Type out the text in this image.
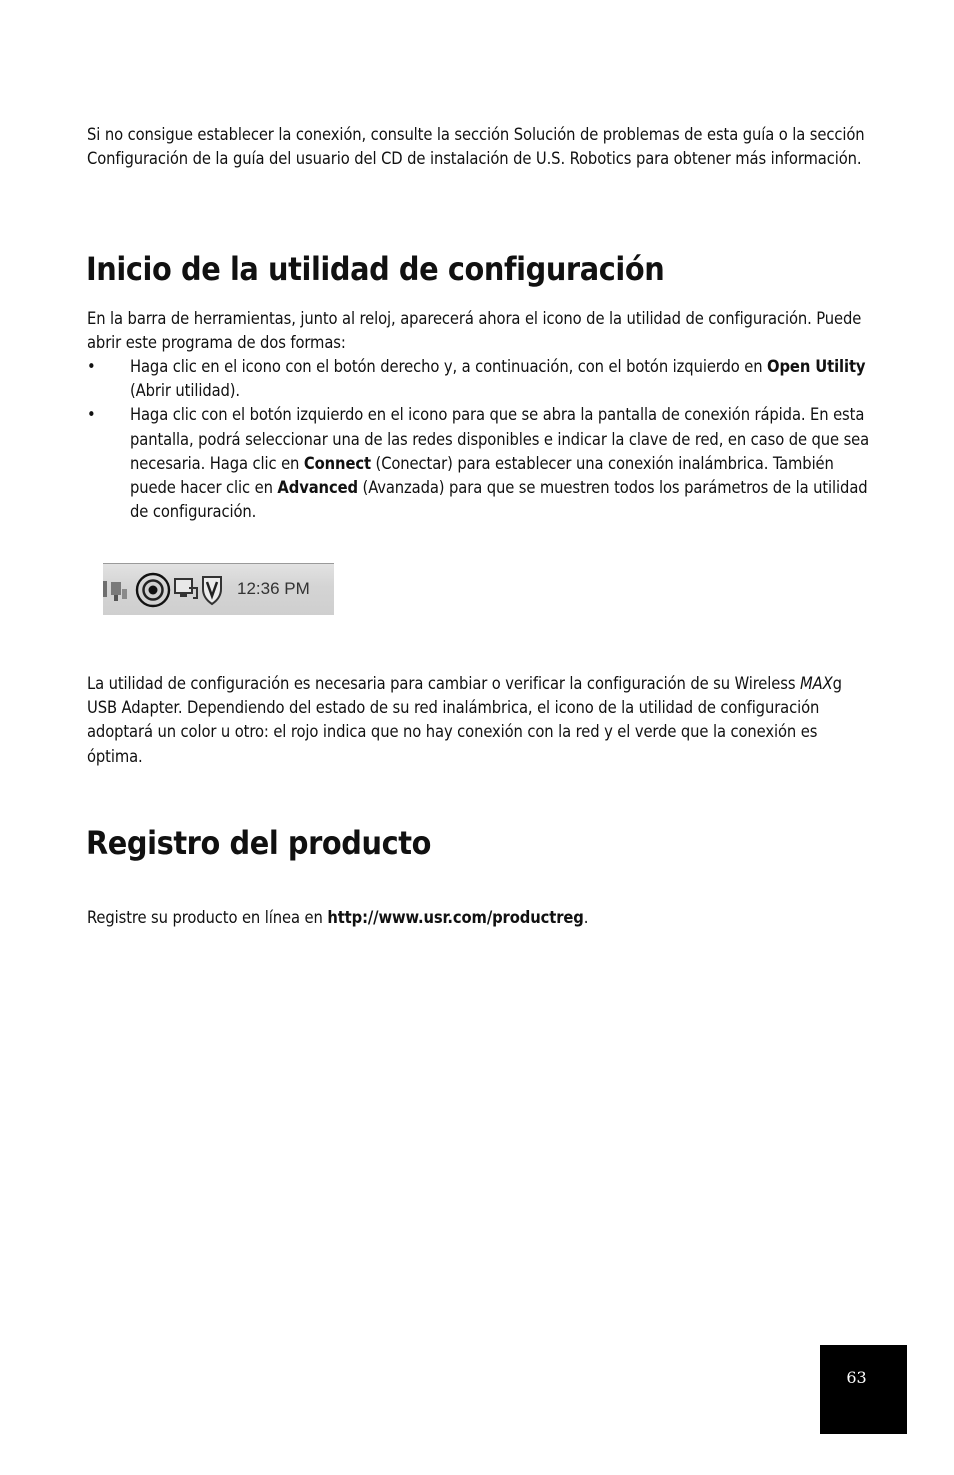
Si no consigue establecer la conexión, consulte la sección Solución de problemas de esta guía o la sección Configuración de la guía del usuario del CD de instalación de U.S. Robotics para obtener más información.

Inicio de la utilidad de configuración

En la barra de herramientas, junto al reloj, aparecerá ahora el icono de la utilidad de configuración. Puede abrir este programa de dos formas:

•	Haga clic en el icono con el botón derecho y, a continuación, con el botón izquierdo en Open Utility (Abrir utilidad).
•	Haga clic con el botón izquierdo en el icono para que se abra la pantalla de conexión rápida. En esta pantalla, podrá seleccionar una de las redes disponibles e indicar la clave de red, en caso de que sea necesaria. Haga clic en Connect (Conectar) para establecer una conexión inalámbrica. También puede hacer clic en Advanced (Avanzada) para que se muestren todos los parámetros de la utilidad de configuración.
12:36 PM

La utilidad de configuración es necesaria para cambiar o verificar la configuración de su Wireless MAXg USB Adapter. Dependiendo del estado de su red inalámbrica, el icono de la utilidad de configuración adoptará un color u otro: el rojo indica que no hay conexión con la red y el verde que la conexión es óptima.

Registro del producto

Registre su producto en línea en http://www.usr.com/productreg.

63
